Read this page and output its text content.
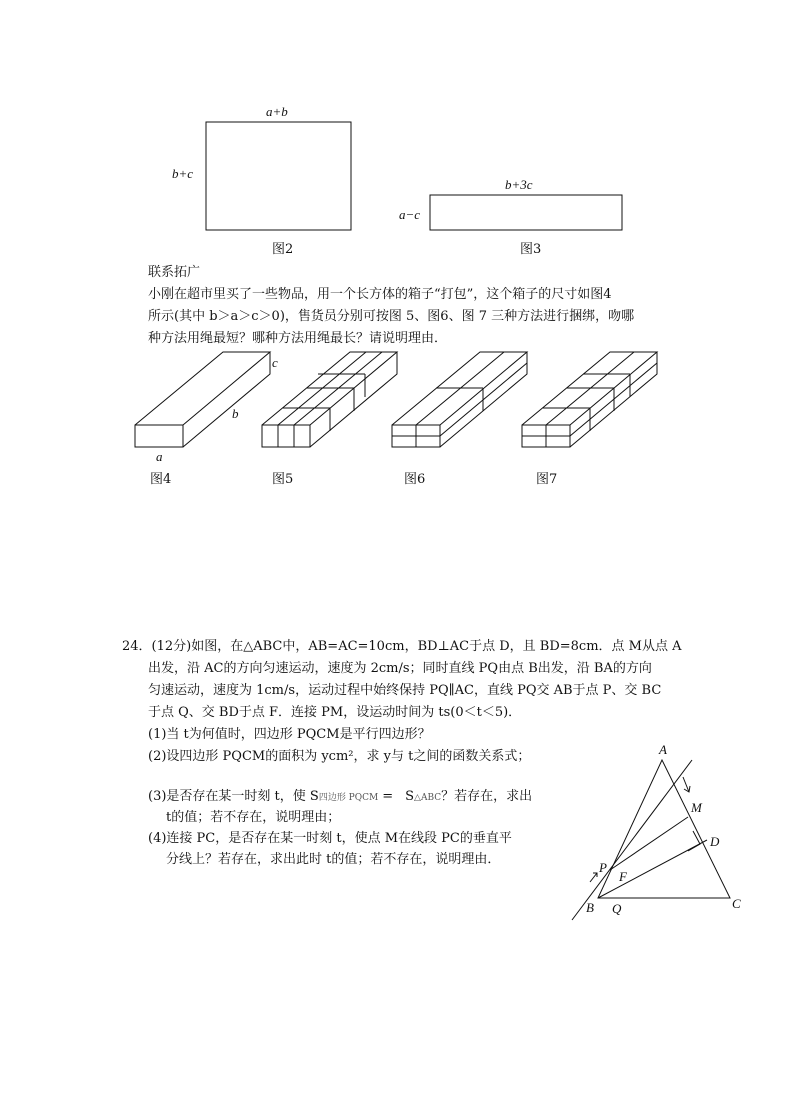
a+b
b+c
图2
b+3c
a−c
图3
联系拓广
小刚在超市里买了一些物品，用一个长方体的箱子“打包”，这个箱子的尺寸如图4
所示(其中 b＞a＞c＞0)，售货员分别可按图 5、图6、图 7 三种方法进行捆绑，吻哪
种方法用绳最短？哪种方法用绳最长？请说明理由．
c
b
a
图4	图5	图6	图7
24．(12分)如图，在△ABC中，AB=AC=10cm，BD⊥AC于点 D，且 BD=8cm．点 M从点 A
出发，沿 AC的方向匀速运动，速度为 2cm/s；同时直线 PQ由点 B出发，沿 BA的方向
匀速运动，速度为 1cm/s，运动过程中始终保持 PQ∥AC，直线 PQ交 AB于点 P、交 BC
于点 Q、交 BD于点 F．连接 PM，设运动时间为 ts(0＜t＜5)．
(1)当 t为何值时，四边形 PQCM是平行四边形？
(2)设四边形 PQCM的面积为 ycm²，求 y与 t之间的函数关系式；
(3)是否存在某一时刻 t，使 S四边形 PQCM = S△ABC？若存在，求出
t的值；若不存在，说明理由；
(4)连接 PC，是否存在某一时刻 t，使点 M在线段 PC的垂直平
分线上？若存在，求出此时 t的值；若不存在，说明理由．
A
B	C
D
M
P
F
Q
